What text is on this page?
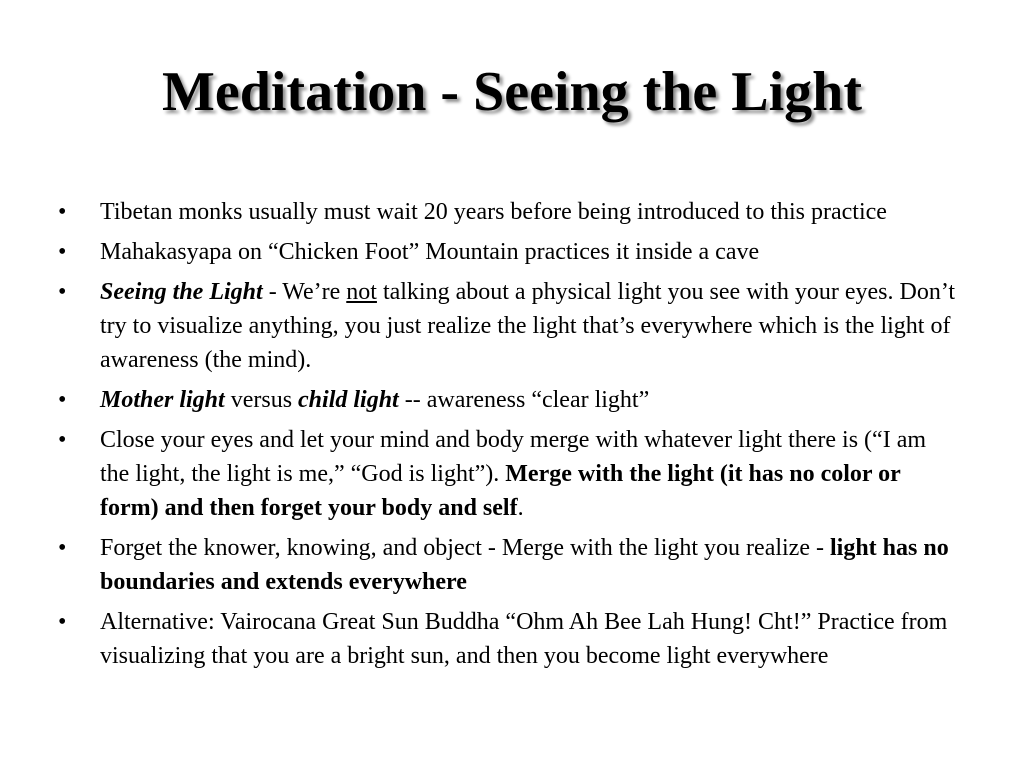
Meditation - Seeing the Light
•	Tibetan monks usually must wait 20 years before being introduced to this practice
•	Mahakasyapa on “Chicken Foot” Mountain practices it inside a cave
•	Seeing the Light - We’re not talking about a physical light you see with your eyes. Don’t try to visualize anything, you just realize the light that’s everywhere which is the light of awareness (the mind).
•	Mother light versus child light -- awareness “clear light”
•	Close your eyes and let your mind and body merge with whatever light there is (“I am the light, the light is me,” “God is light”). Merge with the light (it has no color or form) and then forget your body and self.
•	Forget the knower, knowing, and object - Merge with the light you realize - light has no boundaries and extends everywhere
•	Alternative: Vairocana Great Sun Buddha “Ohm Ah Bee Lah Hung! Cht!” Practice from visualizing that you are a bright sun, and then you become light everywhere
